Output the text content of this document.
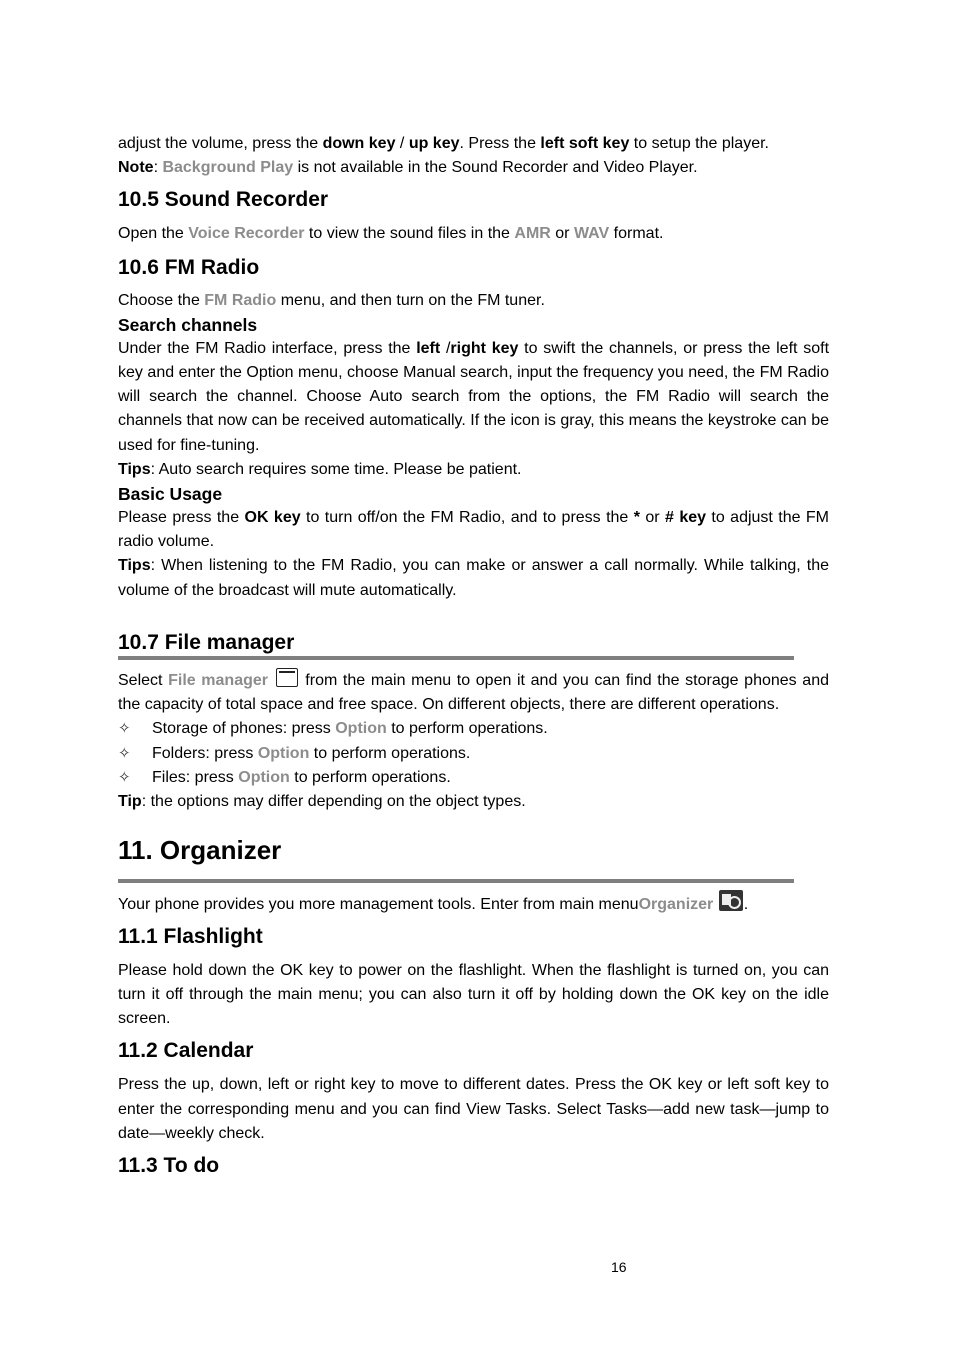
adjust the volume, press the down key / up key. Press the left soft key to setup the player.

Note: Background Play is not available in the Sound Recorder and Video Player.

10.5 Sound Recorder

Open the Voice Recorder to view the sound files in the AMR or WAV format.

10.6 FM Radio

Choose the FM Radio menu, and then turn on the FM tuner.

Search channels

Under the FM Radio interface, press the left /right key to swift the channels, or press the left soft key and enter the Option menu, choose Manual search, input the frequency you need, the FM Radio will search the channel. Choose Auto search from the options, the FM Radio will search the channels that now can be received automatically. If the icon is gray, this means the keystroke can be used for fine-tuning.

Tips: Auto search requires some time. Please be patient.

Basic Usage

Please press the OK key to turn off/on the FM Radio, and to press the * or # key to adjust the FM radio volume.

Tips: When listening to the FM Radio, you can make or answer a call normally. While talking, the volume of the broadcast will mute automatically.

10.7 File manager

Select File manager  from the main menu to open it and you can find the storage phones and the capacity of total space and free space. On different objects, there are different operations.

✧ Storage of phones: press Option to perform operations.
✧ Folders: press Option to perform operations.
✧ Files: press Option to perform operations.

Tip: the options may differ depending on the object types.

11. Organizer

Your phone provides you more management tools. Enter from main menuOrganizer .

11.1 Flashlight

Please hold down the OK key to power on the flashlight. When the flashlight is turned on, you can turn it off through the main menu; you can also turn it off by holding down the OK key on the idle screen.

11.2 Calendar

Press the up, down, left or right key to move to different dates. Press the OK key or left soft key to enter the corresponding menu and you can find View Tasks. Select Tasks—add new task—jump to date—weekly check.

11.3 To do
16
